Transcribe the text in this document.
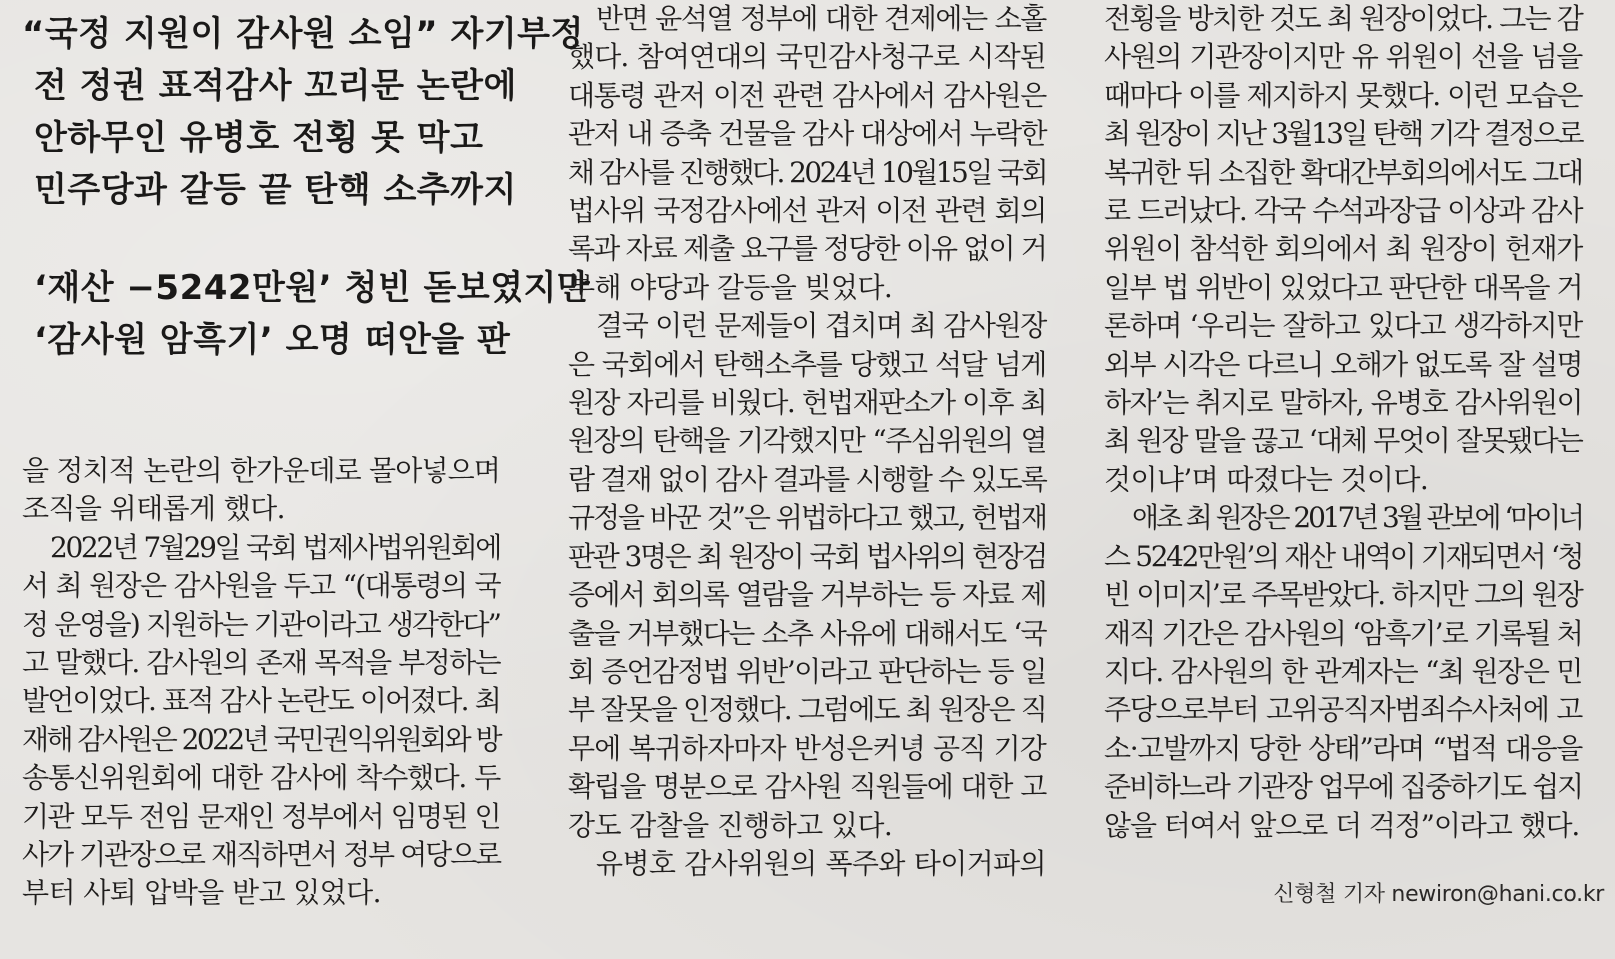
“국정 지원이 감사원 소임” 자기부정
전 정권 표적감사 꼬리문 논란에
안하무인 유병호 전횡 못 막고
민주당과 갈등 끝 탄핵 소추까지
‘재산 −5242만원’ 청빈 돋보였지만
‘감사원 암흑기’ 오명 떠안을 판

을 정치적 논란의 한가운데로 몰아넣으며

조직을 위태롭게 했다.

2022년 7월29일 국회 법제사법위원회에

서 최 원장은 감사원을 두고 “(대통령의 국

정 운영을) 지원하는 기관이라고 생각한다”

고 말했다. 감사원의 존재 목적을 부정하는

발언이었다. 표적 감사 논란도 이어졌다. 최

재해 감사원은 2022년 국민권익위원회와 방

송통신위원회에 대한 감사에 착수했다. 두

기관 모두 전임 문재인 정부에서 임명된 인

사가 기관장으로 재직하면서 정부 여당으로

부터 사퇴 압박을 받고 있었다.

반면 윤석열 정부에 대한 견제에는 소홀

했다. 참여연대의 국민감사청구로 시작된

대통령 관저 이전 관련 감사에서 감사원은

관저 내 증축 건물을 감사 대상에서 누락한

채 감사를 진행했다. 2024년 10월15일 국회

법사위 국정감사에선 관저 이전 관련 회의

록과 자료 제출 요구를 정당한 이유 없이 거

부해 야당과 갈등을 빚었다.

결국 이런 문제들이 겹치며 최 감사원장

은 국회에서 탄핵소추를 당했고 석달 넘게

원장 자리를 비웠다. 헌법재판소가 이후 최

원장의 탄핵을 기각했지만 “주심위원의 열

람 결재 없이 감사 결과를 시행할 수 있도록

규정을 바꾼 것”은 위법하다고 했고, 헌법재

판관 3명은 최 원장이 국회 법사위의 현장검

증에서 회의록 열람을 거부하는 등 자료 제

출을 거부했다는 소추 사유에 대해서도 ‘국

회 증언감정법 위반’이라고 판단하는 등 일

부 잘못을 인정했다. 그럼에도 최 원장은 직

무에 복귀하자마자 반성은커녕 공직 기강

확립을 명분으로 감사원 직원들에 대한 고

강도 감찰을 진행하고 있다.

유병호 감사위원의 폭주와 타이거파의

전횡을 방치한 것도 최 원장이었다. 그는 감

사원의 기관장이지만 유 위원이 선을 넘을

때마다 이를 제지하지 못했다. 이런 모습은

최 원장이 지난 3월13일 탄핵 기각 결정으로

복귀한 뒤 소집한 확대간부회의에서도 그대

로 드러났다. 각국 수석과장급 이상과 감사

위원이 참석한 회의에서 최 원장이 헌재가

일부 법 위반이 있었다고 판단한 대목을 거

론하며 ‘우리는 잘하고 있다고 생각하지만

외부 시각은 다르니 오해가 없도록 잘 설명

하자’는 취지로 말하자, 유병호 감사위원이

최 원장 말을 끊고 ‘대체 무엇이 잘못됐다는

것이냐’며 따졌다는 것이다.

애초 최 원장은 2017년 3월 관보에 ‘마이너

스 5242만원’의 재산 내역이 기재되면서 ‘청

빈 이미지’로 주목받았다. 하지만 그의 원장

재직 기간은 감사원의 ‘암흑기’로 기록될 처

지다. 감사원의 한 관계자는 “최 원장은 민

주당으로부터 고위공직자범죄수사처에 고

소·고발까지 당한 상태”라며 “법적 대응을

준비하느라 기관장 업무에 집중하기도 쉽지

않을 터여서 앞으로 더 걱정”이라고 했다.

신형철 기자 newiron@hani.co.kr
